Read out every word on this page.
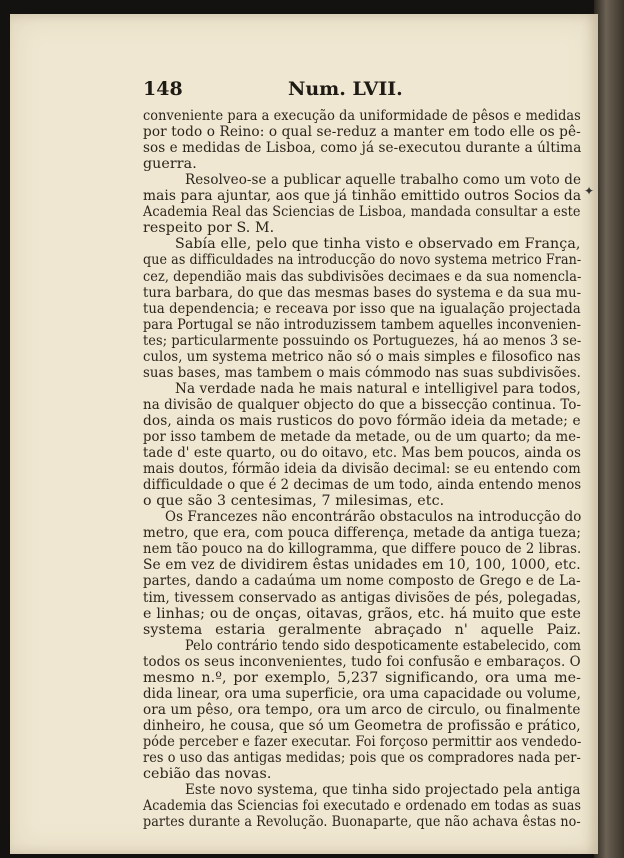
148	Num. LVII.
conveniente para a execução da uniformidade de pêsos e medidas
por todo o Reino: o qual se-reduz a manter em todo elle os pê-
sos e medidas de Lisboa, como já se-executou durante a última
guerra.
Resolveo-se a publicar aquelle trabalho como um voto de
mais para ajuntar, aos que já tinhão emittido outros Socios da
Academia Real das Sciencias de Lisboa, mandada consultar a este
respeito por S. M.
Sabía elle, pelo que tinha visto e observado em França,
que as difficuldades na introducção do novo systema metrico Fran-
cez, dependião mais das subdivisões decimaes e da sua nomencla-
tura barbara, do que das mesmas bases do systema e da sua mu-
tua dependencia; e receava por isso que na igualação projectada
para Portugal se não introduzissem tambem aquelles inconvenien-
tes; particularmente possuindo os Portuguezes, há ao menos 3 se-
culos, um systema metrico não só o mais simples e filosofico nas
suas bases, mas tambem o mais cómmodo nas suas subdivisões.
Na verdade nada he mais natural e intelligivel para todos,
na divisão de qualquer objecto do que a bissecção continua. To-
dos, ainda os mais rusticos do povo fórmão ideia da metade; e
por isso tambem de metade da metade, ou de um quarto; da me-
tade d' este quarto, ou do oitavo, etc. Mas bem poucos, ainda os
mais doutos, fórmão ideia da divisão decimal: se eu entendo com
difficuldade o que é 2 decimas de um todo, ainda entendo menos
o que são 3 centesimas, 7 milesimas, etc.
Os Francezes não encontrárão obstaculos na introducção do
metro, que era, com pouca differença, metade da antiga tueza;
nem tão pouco na do killogramma, que differe pouco de 2 libras.
Se em vez de dividirem êstas unidades em 10, 100, 1000, etc.
partes, dando a cadaúma um nome composto de Grego e de La-
tim, tivessem conservado as antigas divisões de pés, polegadas,
e linhas; ou de onças, oitavas, grãos, etc. há muito que este
systema estaria geralmente abraçado n' aquelle Paiz.
Pelo contrário tendo sido despoticamente estabelecido, com
todos os seus inconvenientes, tudo foi confusão e embaraços. O
mesmo n.º, por exemplo, 5,237 significando, ora uma me-
dida linear, ora uma superficie, ora uma capacidade ou volume,
ora um pêso, ora tempo, ora um arco de circulo, ou finalmente
dinheiro, he cousa, que só um Geometra de profissão e prático,
póde perceber e fazer executar. Foi forçoso permittir aos vendedo-
res o uso das antigas medidas; pois que os compradores nada per-
cebião das novas.
Este novo systema, que tinha sido projectado pela antiga
Academia das Sciencias foi executado e ordenado em todas as suas
partes durante a Revolução. Buonaparte, que não achava êstas no-
✦
